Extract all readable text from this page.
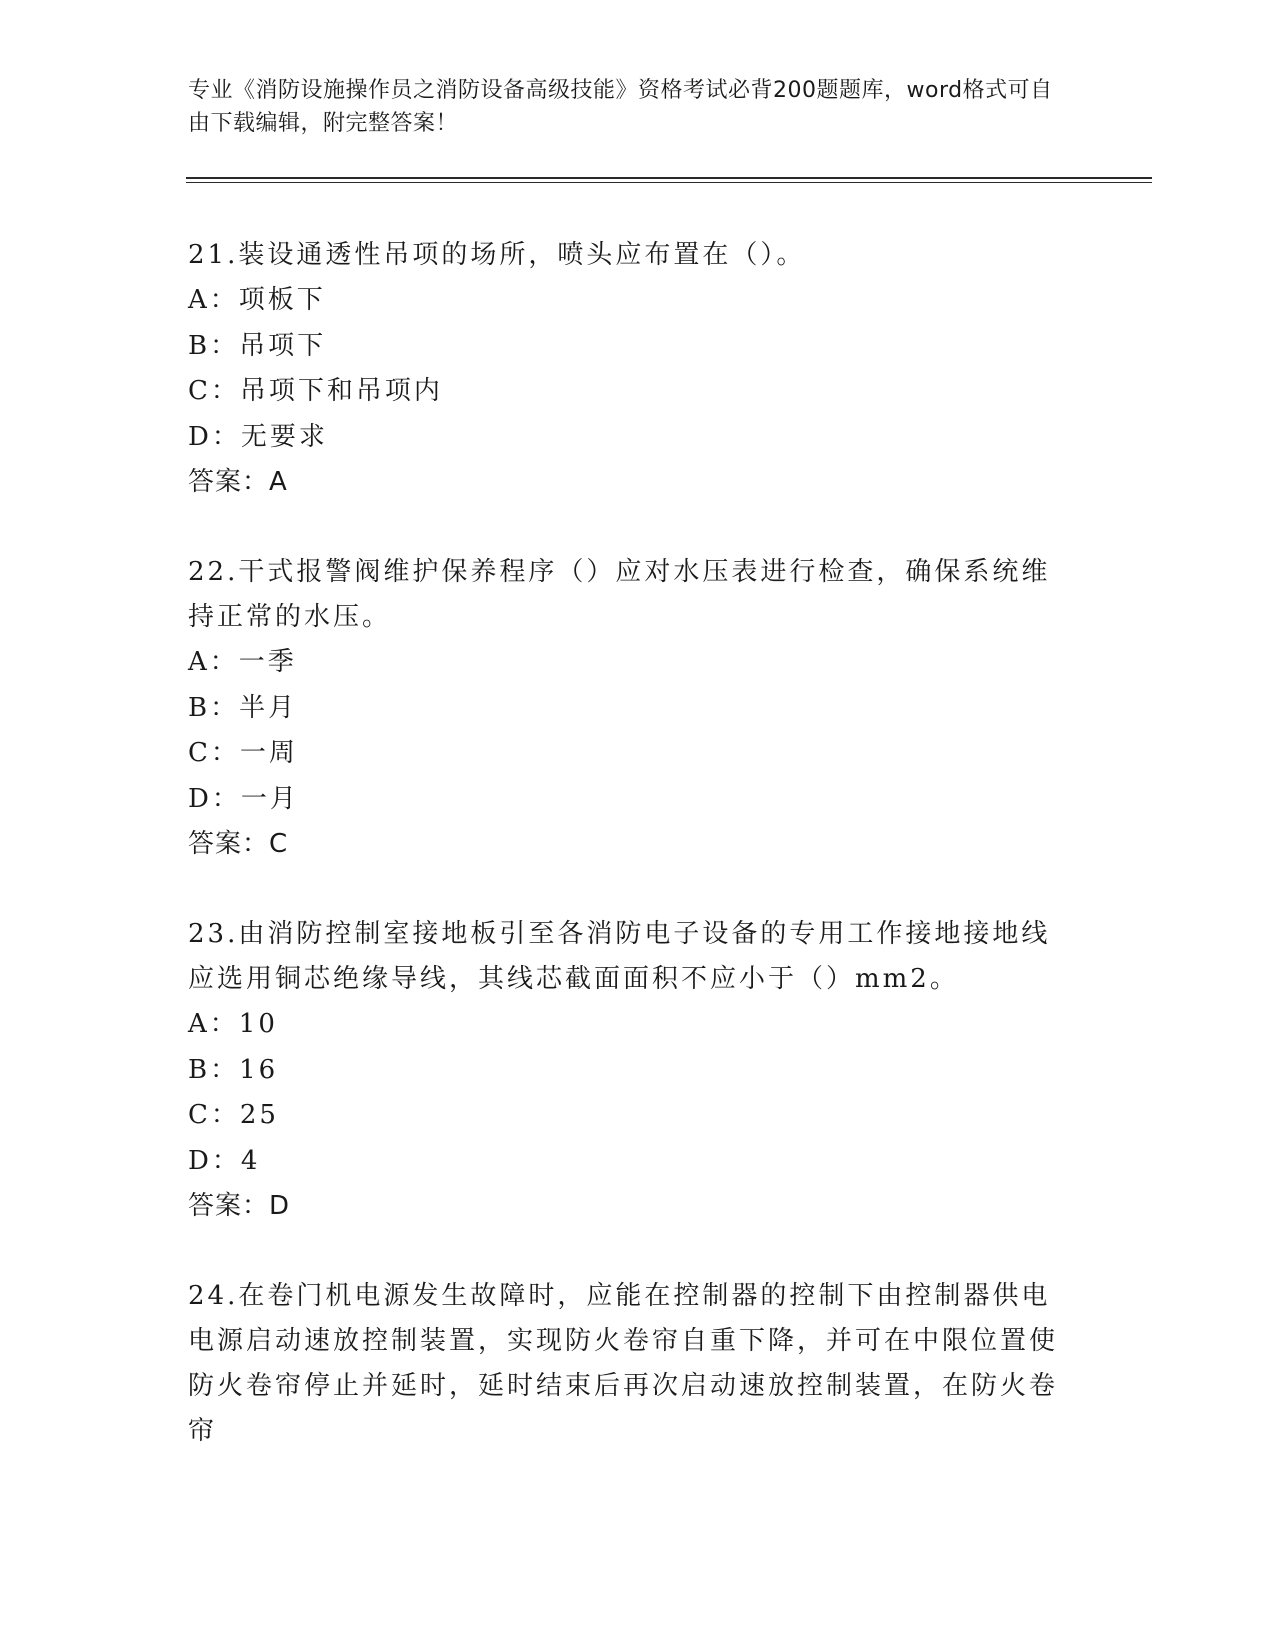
专业《消防设施操作员之消防设备高级技能》资格考试必背200题题库，word格式可自由下载编辑，附完整答案！

21.装设通透性吊项的场所，喷头应布置在（）。

A：项板下

B：吊项下

C：吊项下和吊项内

D：无要求

答案：A

22.干式报警阀维护保养程序（）应对水压表进行检查，确保系统维持正常的水压。

A：一季

B：半月

C：一周

D：一月

答案：C

23.由消防控制室接地板引至各消防电子设备的专用工作接地接地线应选用铜芯绝缘导线，其线芯截面面积不应小于（）mm2。

A：10

B：16

C：25

D：4

答案：D

24.在卷门机电源发生故障时，应能在控制器的控制下由控制器供电电源启动速放控制装置，实现防火卷帘自重下降，并可在中限位置使防火卷帘停止并延时，延时结束后再次启动速放控制装置，在防火卷帘
